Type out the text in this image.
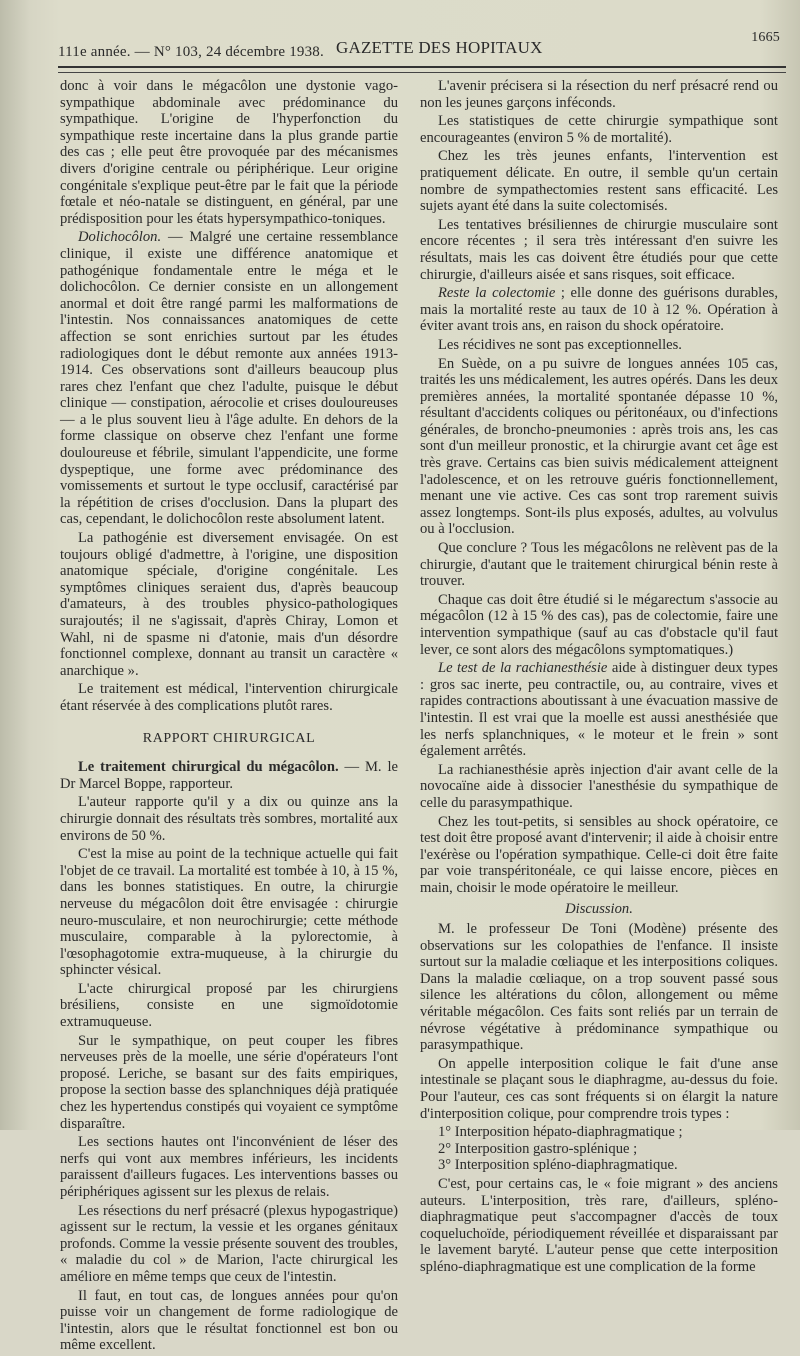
111e année. — N° 103, 24 décembre 1938. GAZETTE DES HOPITAUX
1665

donc à voir dans le mégacôlon une dystonie vago-sympathique abdominale avec prédominance du sympathique. L'origine de l'hyperfonction du sympathique reste incertaine dans la plus grande partie des cas ; elle peut être provoquée par des mécanismes divers d'origine centrale ou périphérique. Leur origine congénitale s'explique peut-être par le fait que la période fœtale et néo-natale se distinguent, en général, par une prédisposition pour les états hypersympathico-toniques.

Dolichocôlon. — Malgré une certaine ressemblance clinique, il existe une différence anatomique et pathogénique fondamentale entre le méga et le dolichocôlon. Ce dernier consiste en un allongement anormal et doit être rangé parmi les malformations de l'intestin. Nos connaissances anatomiques de cette affection se sont enrichies surtout par les études radiologiques dont le début remonte aux années 1913-1914. Ces observations sont d'ailleurs beaucoup plus rares chez l'enfant que chez l'adulte, puisque le début clinique — constipation, aérocolie et crises douloureuses — a le plus souvent lieu à l'âge adulte. En dehors de la forme classique on observe chez l'enfant une forme douloureuse et fébrile, simulant l'appendicite, une forme dyspeptique, une forme avec prédominance des vomissements et surtout le type occlusif, caractérisé par la répétition de crises d'occlusion. Dans la plupart des cas, cependant, le dolichocôlon reste absolument latent.

La pathogénie est diversement envisagée. On est toujours obligé d'admettre, à l'origine, une disposition anatomique spéciale, d'origine congénitale. Les symptômes cliniques seraient dus, d'après beaucoup d'amateurs, à des troubles physico-pathologiques surajoutés; il ne s'agissait, d'après Chiray, Lomon et Wahl, ni de spasme ni d'atonie, mais d'un désordre fonctionnel complexe, donnant au transit un caractère « anarchique ».

Le traitement est médical, l'intervention chirurgicale étant réservée à des complications plutôt rares.

RAPPORT CHIRURGICAL

Le traitement chirurgical du mégacôlon. — M. le Dr Marcel Boppe, rapporteur.

L'auteur rapporte qu'il y a dix ou quinze ans la chirurgie donnait des résultats très sombres, mortalité aux environs de 50 %.

C'est la mise au point de la technique actuelle qui fait l'objet de ce travail. La mortalité est tombée à 10, à 15 %, dans les bonnes statistiques. En outre, la chirurgie nerveuse du mégacôlon doit être envisagée : chirurgie neuro-musculaire, et non neurochirurgie; cette méthode musculaire, comparable à la pylorectomie, à l'œsophagotomie extra-muqueuse, à la chirurgie du sphincter vésical.

L'acte chirurgical proposé par les chirurgiens brésiliens, consiste en une sigmoïdotomie extramuqueuse.

Sur le sympathique, on peut couper les fibres nerveuses près de la moelle, une série d'opérateurs l'ont proposé. Leriche, se basant sur des faits empiriques, propose la section basse des splanchniques déjà pratiquée chez les hypertendus constipés qui voyaient ce symptôme disparaître.

Les sections hautes ont l'inconvénient de léser des nerfs qui vont aux membres inférieurs, les incidents paraissent d'ailleurs fugaces. Les interventions basses ou périphériques agissent sur les plexus de relais.

Les résections du nerf présacré (plexus hypogastrique) agissent sur le rectum, la vessie et les organes génitaux profonds. Comme la vessie présente souvent des troubles, « maladie du col » de Marion, l'acte chirurgical les améliore en même temps que ceux de l'intestin.

Il faut, en tout cas, de longues années pour qu'on puisse voir un changement de forme radiologique de l'intestin, alors que le résultat fonctionnel est bon ou même excellent.

L'avenir précisera si la résection du nerf présacré rend ou non les jeunes garçons inféconds.

Les statistiques de cette chirurgie sympathique sont encourageantes (environ 5 % de mortalité).

Chez les très jeunes enfants, l'intervention est pratiquement délicate. En outre, il semble qu'un certain nombre de sympathectomies restent sans efficacité. Les sujets ayant été dans la suite colectomisés.

Les tentatives brésiliennes de chirurgie musculaire sont encore récentes ; il sera très intéressant d'en suivre les résultats, mais les cas doivent être étudiés pour que cette chirurgie, d'ailleurs aisée et sans risques, soit efficace.

Reste la colectomie ; elle donne des guérisons durables, mais la mortalité reste au taux de 10 à 12 %. Opération à éviter avant trois ans, en raison du shock opératoire.

Les récidives ne sont pas exceptionnelles.

En Suède, on a pu suivre de longues années 105 cas, traités les uns médicalement, les autres opérés. Dans les deux premières années, la mortalité spontanée dépasse 10 %, résultant d'accidents coliques ou péritonéaux, ou d'infections générales, de broncho-pneumonies : après trois ans, les cas sont d'un meilleur pronostic, et la chirurgie avant cet âge est très grave. Certains cas bien suivis médicalement atteignent l'adolescence, et on les retrouve guéris fonctionnellement, menant une vie active. Ces cas sont trop rarement suivis assez longtemps. Sont-ils plus exposés, adultes, au volvulus ou à l'occlusion.

Que conclure ? Tous les mégacôlons ne relèvent pas de la chirurgie, d'autant que le traitement chirurgical bénin reste à trouver.

Chaque cas doit être étudié si le mégarectum s'associe au mégacôlon (12 à 15 % des cas), pas de colectomie, faire une intervention sympathique (sauf au cas d'obstacle qu'il faut lever, ce sont alors des mégacôlons symptomatiques.)

Le test de la rachianesthésie aide à distinguer deux types : gros sac inerte, peu contractile, ou, au contraire, vives et rapides contractions aboutissant à une évacuation massive de l'intestin. Il est vrai que la moelle est aussi anesthésiée que les nerfs splanchniques, « le moteur et le frein » sont également arrêtés.

La rachianesthésie après injection d'air avant celle de la novocaïne aide à dissocier l'anesthésie du sympathique de celle du parasympathique.

Chez les tout-petits, si sensibles au shock opératoire, ce test doit être proposé avant d'intervenir; il aide à choisir entre l'exérèse ou l'opération sympathique. Celle-ci doit être faite par voie transpéritonéale, ce qui laisse encore, pièces en main, choisir le mode opératoire le meilleur.

Discussion.

M. le professeur De Toni (Modène) présente des observations sur les colopathies de l'enfance. Il insiste surtout sur la maladie cœliaque et les interpositions coliques. Dans la maladie cœliaque, on a trop souvent passé sous silence les altérations du côlon, allongement ou même véritable mégacôlon. Ces faits sont reliés par un terrain de névrose végétative à prédominance sympathique ou parasympathique.

On appelle interposition colique le fait d'une anse intestinale se plaçant sous le diaphragme, au-dessus du foie. Pour l'auteur, ces cas sont fréquents si on élargit la nature d'interposition colique, pour comprendre trois types :

1° Interposition hépato-diaphragmatique ;
2° Interposition gastro-splénique ;
3° Interposition spléno-diaphragmatique.

C'est, pour certains cas, le « foie migrant » des anciens auteurs. L'interposition, très rare, d'ailleurs, spléno-diaphragmatique peut s'accompagner d'accès de toux coqueluchoïde, périodiquement réveillée et disparaissant par le lavement baryté. L'auteur pense que cette interposition spléno-diaphragmatique est une complication de la forme
